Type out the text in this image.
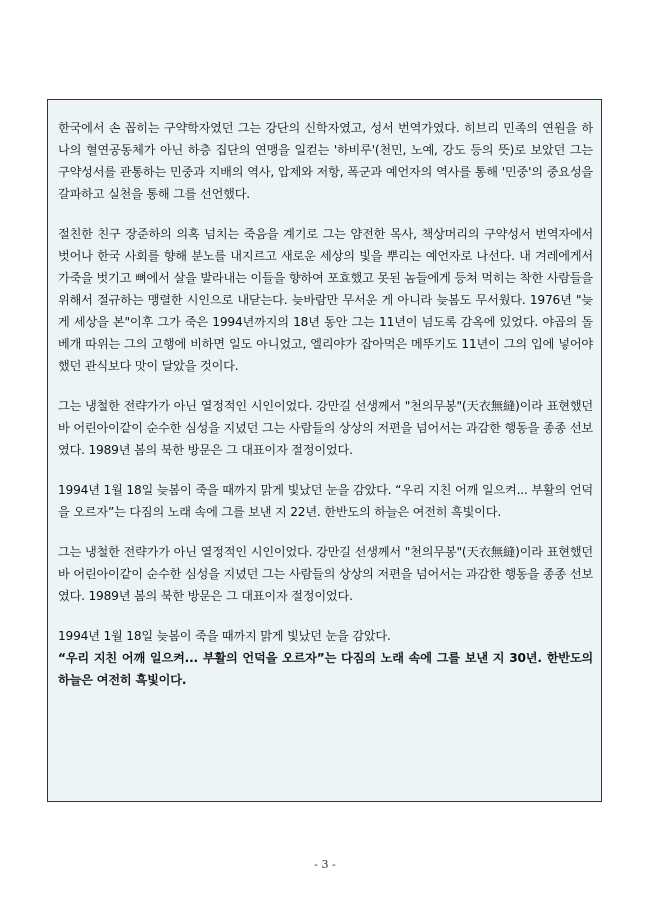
한국에서 손 꼽히는 구약학자였던 그는 강단의 신학자였고, 성서 번역가였다. 히브리 민족의 연원을 하나의 혈연공동체가 아닌 하층 집단의 연맹을 일컫는 '하비루'(천민, 노예, 강도 등의 뜻)로 보았던 그는 구약성서를 관통하는 민중과 지배의 역사, 압제와 저항, 폭군과 예언자의 역사를 통해 '민중'의 중요성을 갈파하고 실천을 통해 그를 선언했다.

절친한 친구 장준하의 의혹 넘치는 죽음을 계기로 그는 얌전한 목사, 책상머리의 구약성서 번역자에서 벗어나 한국 사회를 향해 분노를 내지르고 새로운 세상의 빛을 뿌리는 예언자로 나선다. 내 겨레에게서 가죽을 벗기고 뼈에서 살을 발라내는 이들을 향하여 포효했고 못된 놈들에게 등쳐 먹히는 착한 사람들을 위해서 절규하는 맹렬한 시인으로 내닫는다. 늦바람만 무서운 게 아니라 늦봄도 무서웠다. 1976년 "늦게 세상을 본"이후 그가 죽은 1994년까지의 18년 동안 그는 11년이 넘도록 감옥에 있었다. 야곱의 돌베개 따위는 그의 고행에 비하면 일도 아니었고, 엘리야가 잡아먹은 메뚜기도 11년이 그의 입에 넣어야 했던 관식보다 맛이 달았을 것이다.

그는 냉철한 전략가가 아닌 열정적인 시인이었다. 강만길 선생께서 "천의무봉"(天衣無縫)이라 표현했던 바 어린아이같이 순수한 심성을 지녔던 그는 사람들의 상상의 저편을 넘어서는 과감한 행동을 종종 선보였다. 1989년 봄의 북한 방문은 그 대표이자 절정이었다.

1994년 1월 18일 늦봄이 죽을 때까지 맑게 빛났던 눈을 감았다. “우리 지친 어깨 일으켜... 부활의 언덕을 오르자”는 다짐의 노래 속에 그를 보낸 지 22년. 한반도의 하늘은 여전히 흑빛이다.

그는 냉철한 전략가가 아닌 열정적인 시인이었다. 강만길 선생께서 "천의무봉"(天衣無縫)이라 표현했던 바 어린아이같이 순수한 심성을 지녔던 그는 사람들의 상상의 저편을 넘어서는 과감한 행동을 종종 선보였다. 1989년 봄의 북한 방문은 그 대표이자 절정이었다.

1994년 1월 18일 늦봄이 죽을 때까지 맑게 빛났던 눈을 감았다.

“우리 지친 어깨 일으켜... 부활의 언덕을 오르자”는 다짐의 노래 속에 그를 보낸 지 30년. 한반도의 하늘은 여전히 흑빛이다.

- 3 -
